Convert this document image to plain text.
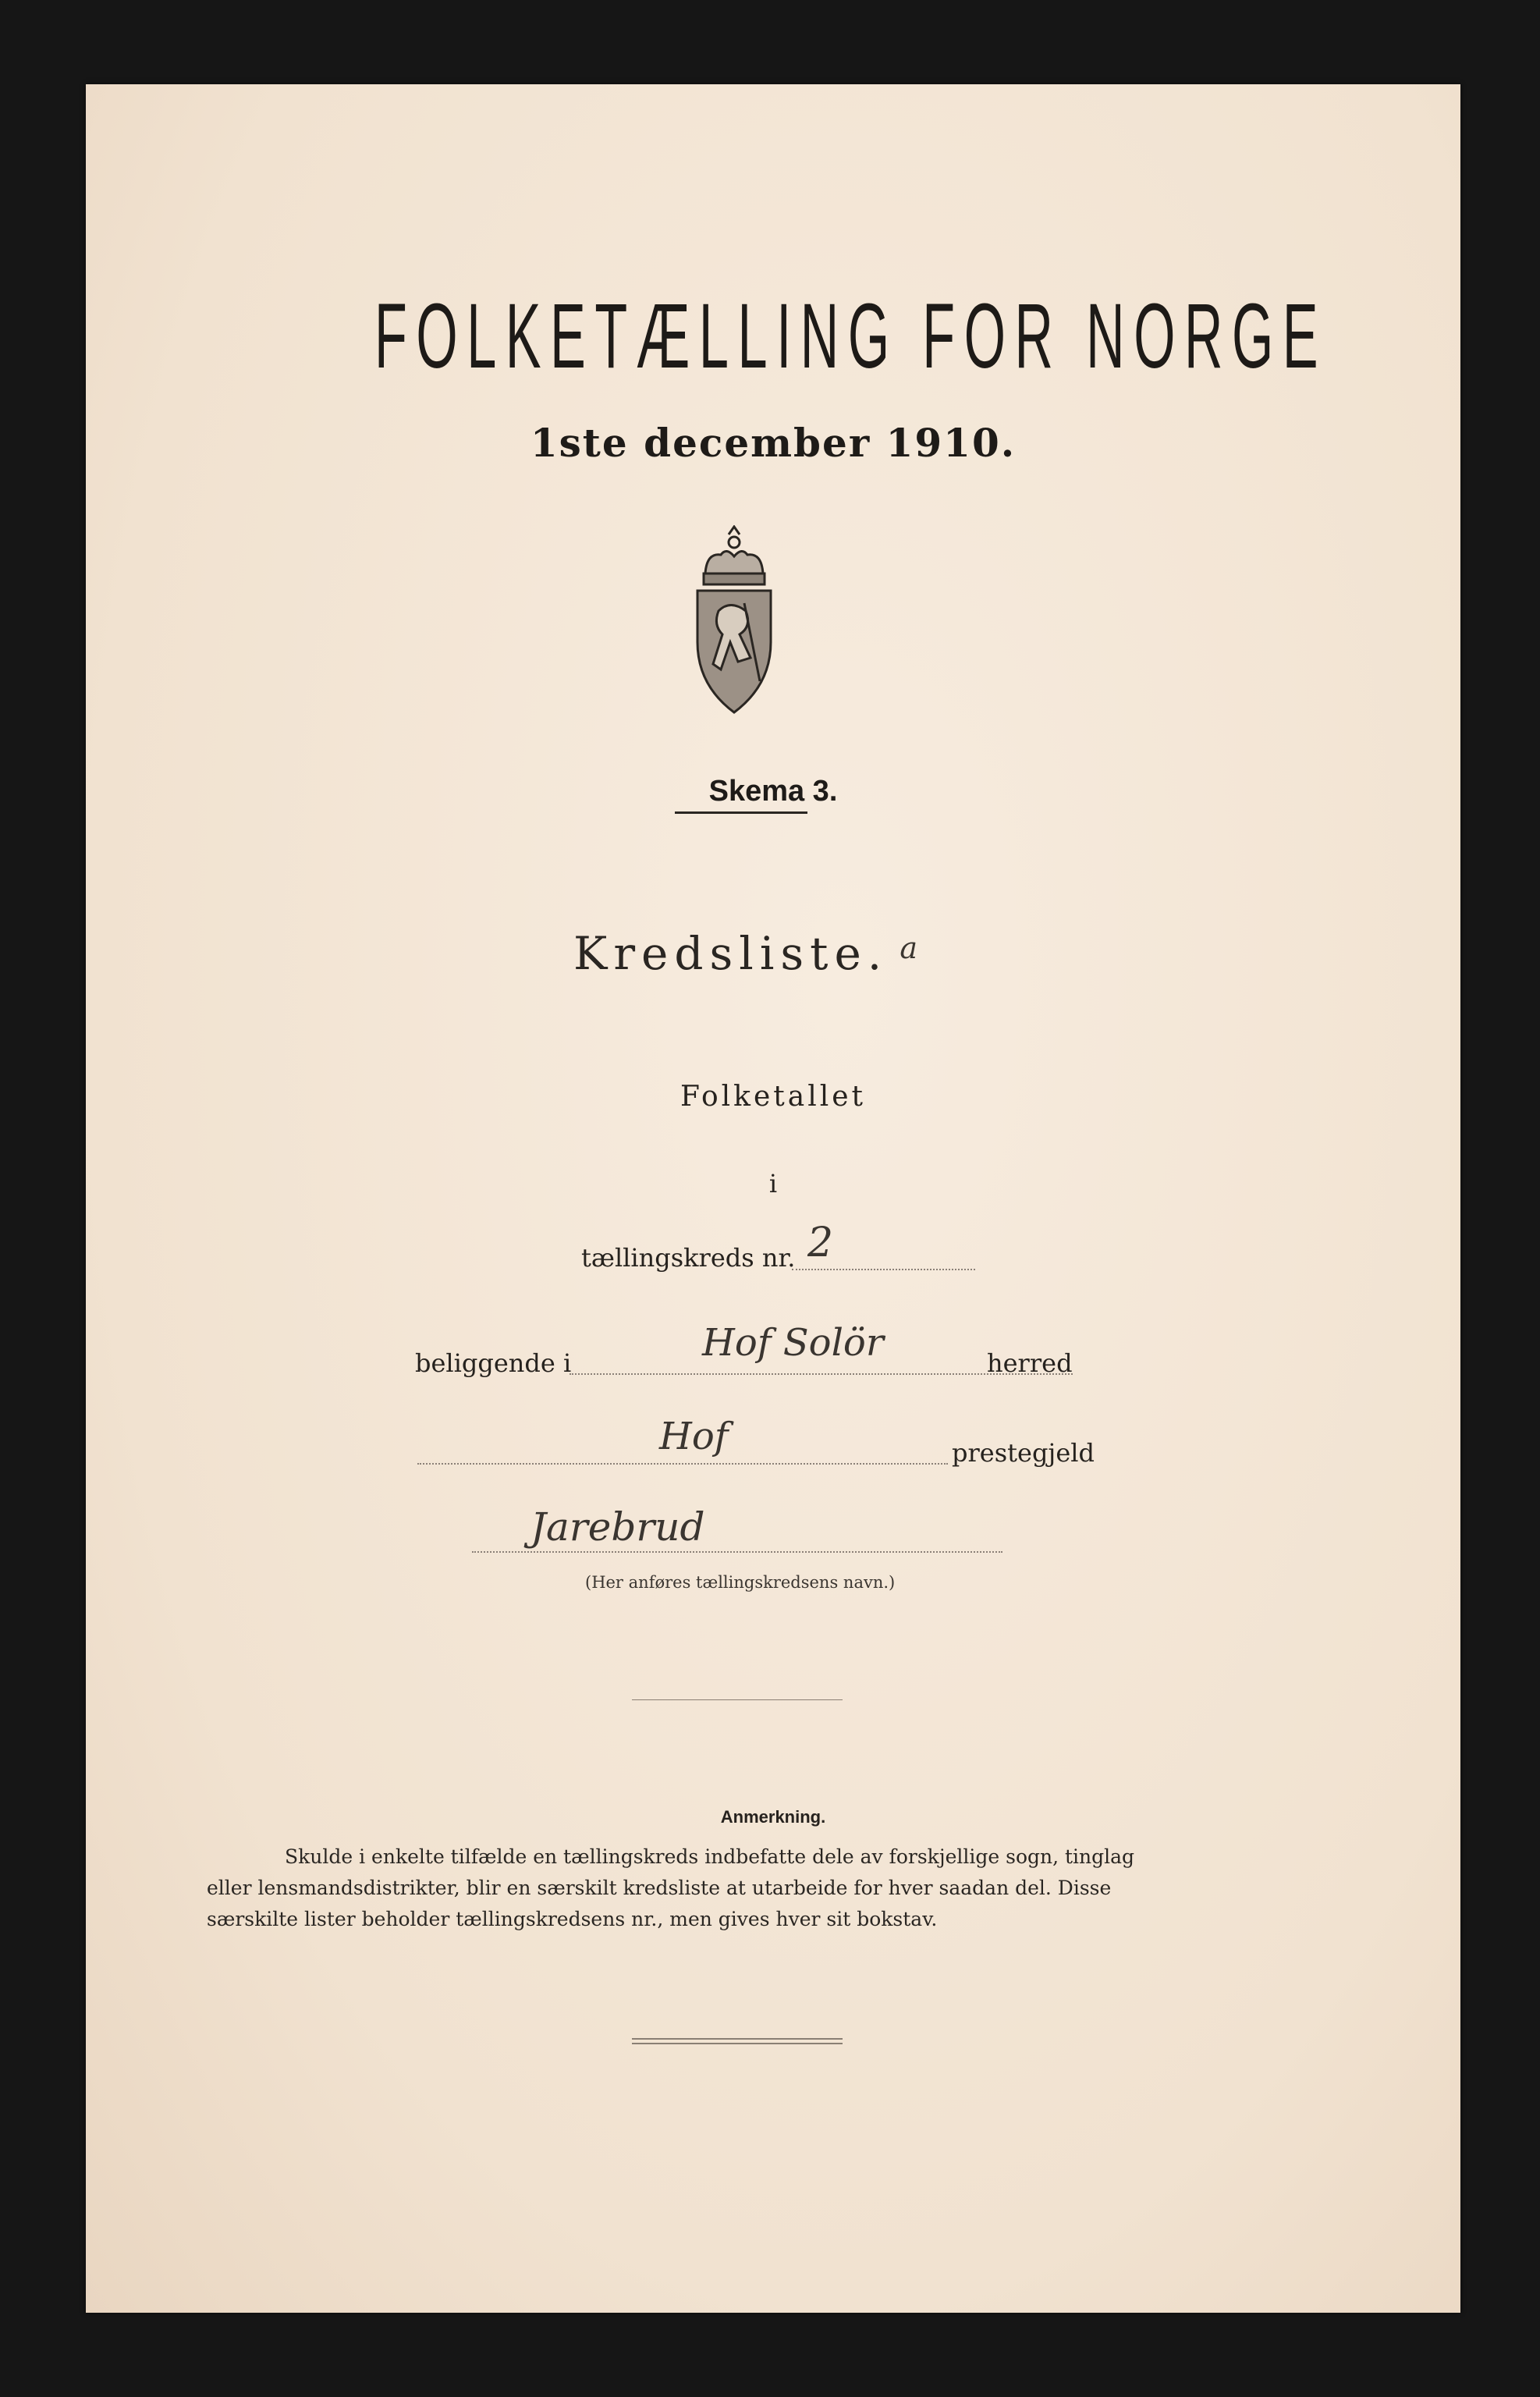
FOLKETÆLLING FOR NORGE
1ste december 1910.
Skema 3.
Kredsliste. a
Folketallet
i
tællingskreds nr. 2
beliggende i	Hof Solör	herred
Hof	prestegjeld
Jarebrud
(Her anføres tællingskredsens navn.)
Anmerkning.
Skulde i enkelte tilfælde en tællingskreds indbefatte dele av forskjellige sogn, tinglag
eller lensmandsdistrikter, blir en særskilt kredsliste at utarbeide for hver saadan del. Disse
særskilte lister beholder tællingskredsens nr., men gives hver sit bokstav.
